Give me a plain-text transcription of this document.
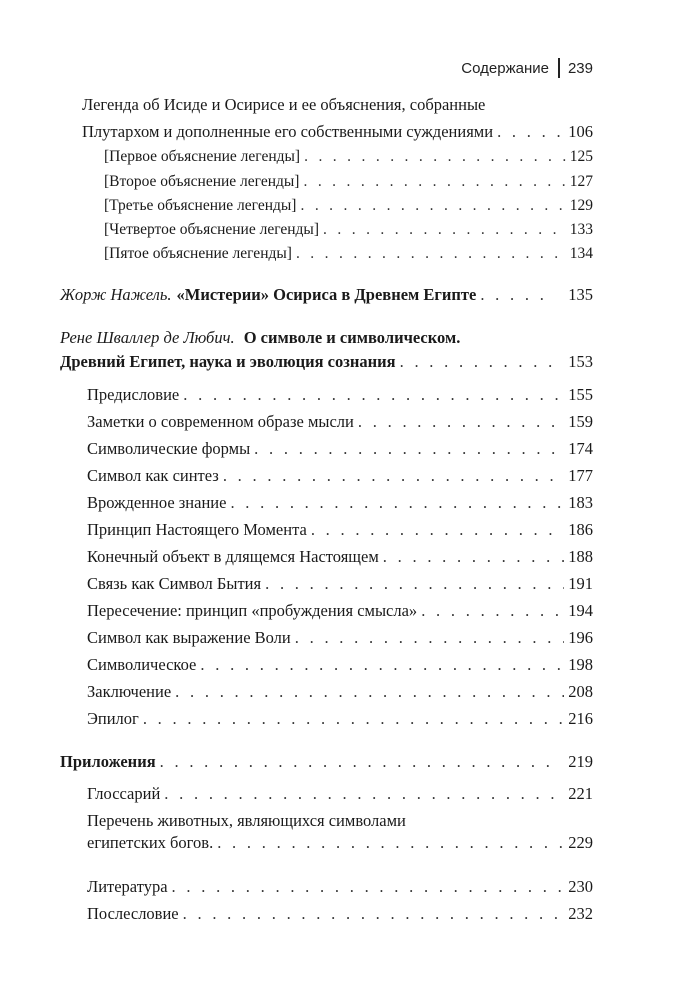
Содержание 239
Легенда об Исиде и Осирисе и ее объяснения, собранные
Плутархом и дополненные его собственными суждениями . . .	106
[Первое объяснение легенды] . . .	125
[Второе объяснение легенды] . . .	127
[Третье объяснение легенды] . . .	129
[Четвертое объяснение легенды] . . .	133
[Пятое объяснение легенды] . . .	134
Жорж Нажель. «Мистерии» Осириса в Древнем Египте . . .	135
Рене Шваллер де Любич. О символе и символическом.
Древний Египет, наука и эволюция сознания . . .	153
Предисловие . . .	155
Заметки о современном образе мысли . . .	159
Символические формы . . .	174
Символ как синтез . . .	177
Врожденное знание . . .	183
Принцип Настоящего Момента . . .	186
Конечный объект в длящемся Настоящем . . .	188
Связь как Символ Бытия . . .	191
Пересечение: принцип «пробуждения смысла» . . .	194
Символ как выражение Воли . . .	196
Символическое . . .	198
Заключение . . .	208
Эпилог . . .	216
Приложения . . .	219
Глоссарий . . .	221
Перечень животных, являющихся символами
египетских богов. . . .	229
Литература . . .	230
Послесловие . . .	232
